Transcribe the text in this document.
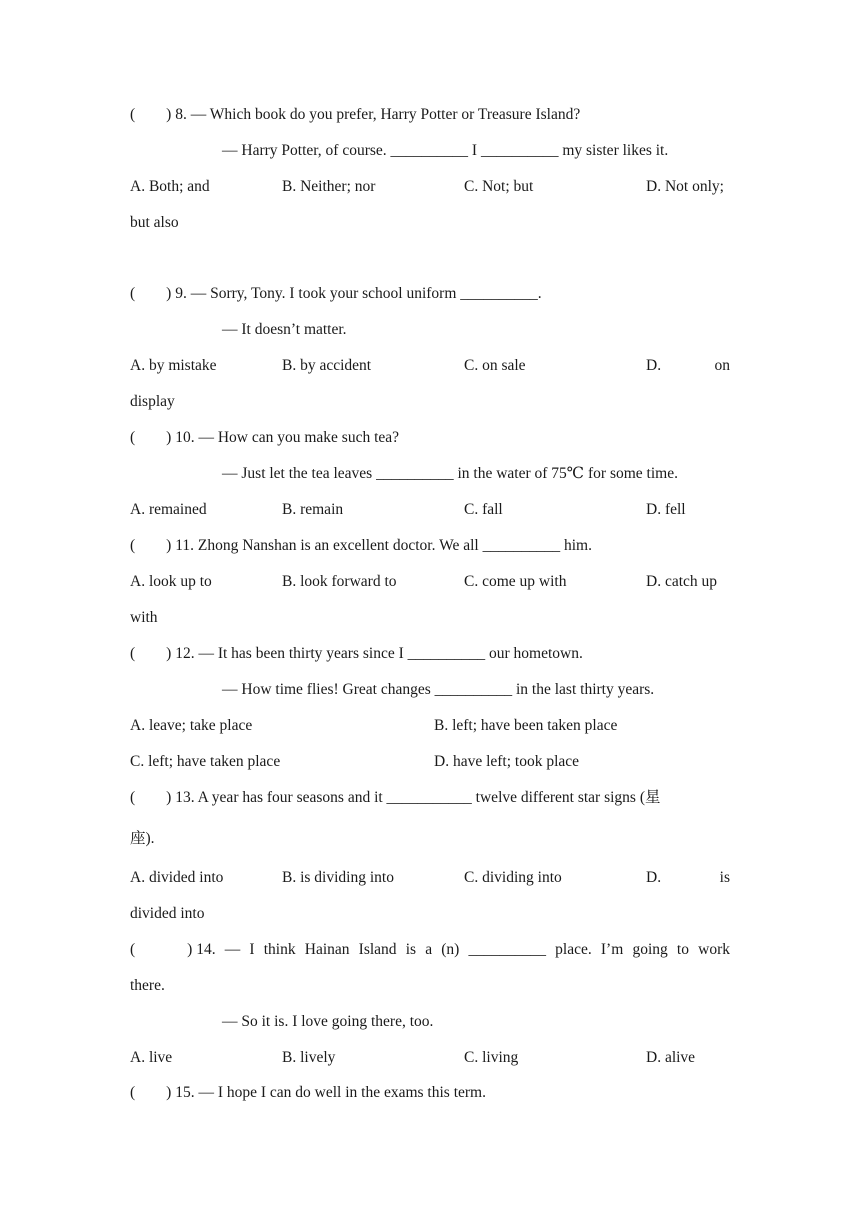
(        ) 8. — Which book do you prefer, Harry Potter or Treasure Island?
— Harry Potter, of course. __________ I __________ my sister likes it.
A. Both; and	B. Neither; nor	C. Not; but	D. Not only;
but also
(        ) 9. — Sorry, Tony. I took your school uniform __________.
— It doesn’t matter.
A. by mistake	B. by accident	C. on sale	D.	on
display
(        ) 10. — How can you make such tea?
— Just let the tea leaves __________ in the water of 75℃ for some time.
A. remained	B. remain	C. fall	D. fell
(        ) 11. Zhong Nanshan is an excellent doctor. We all __________ him.
A. look up to	B. look forward to	C. come up with	D. catch up
with
(        ) 12. — It has been thirty years since I __________ our hometown.
— How time flies! Great changes __________ in the last thirty years.
A. leave; take place	B. left; have been taken place
C. left; have taken place	D. have left; took place
(        ) 13. A year has four seasons and it ___________ twelve different star signs (星
座).
A. divided into	B. is dividing into	C. dividing into	D.	is
divided into
(	) 14. — I think Hainan Island is a (n) __________ place. I’m going to work
there.
— So it is. I love going there, too.
A. live	B. lively	C. living	D. alive
(        ) 15. — I hope I can do well in the exams this term.
